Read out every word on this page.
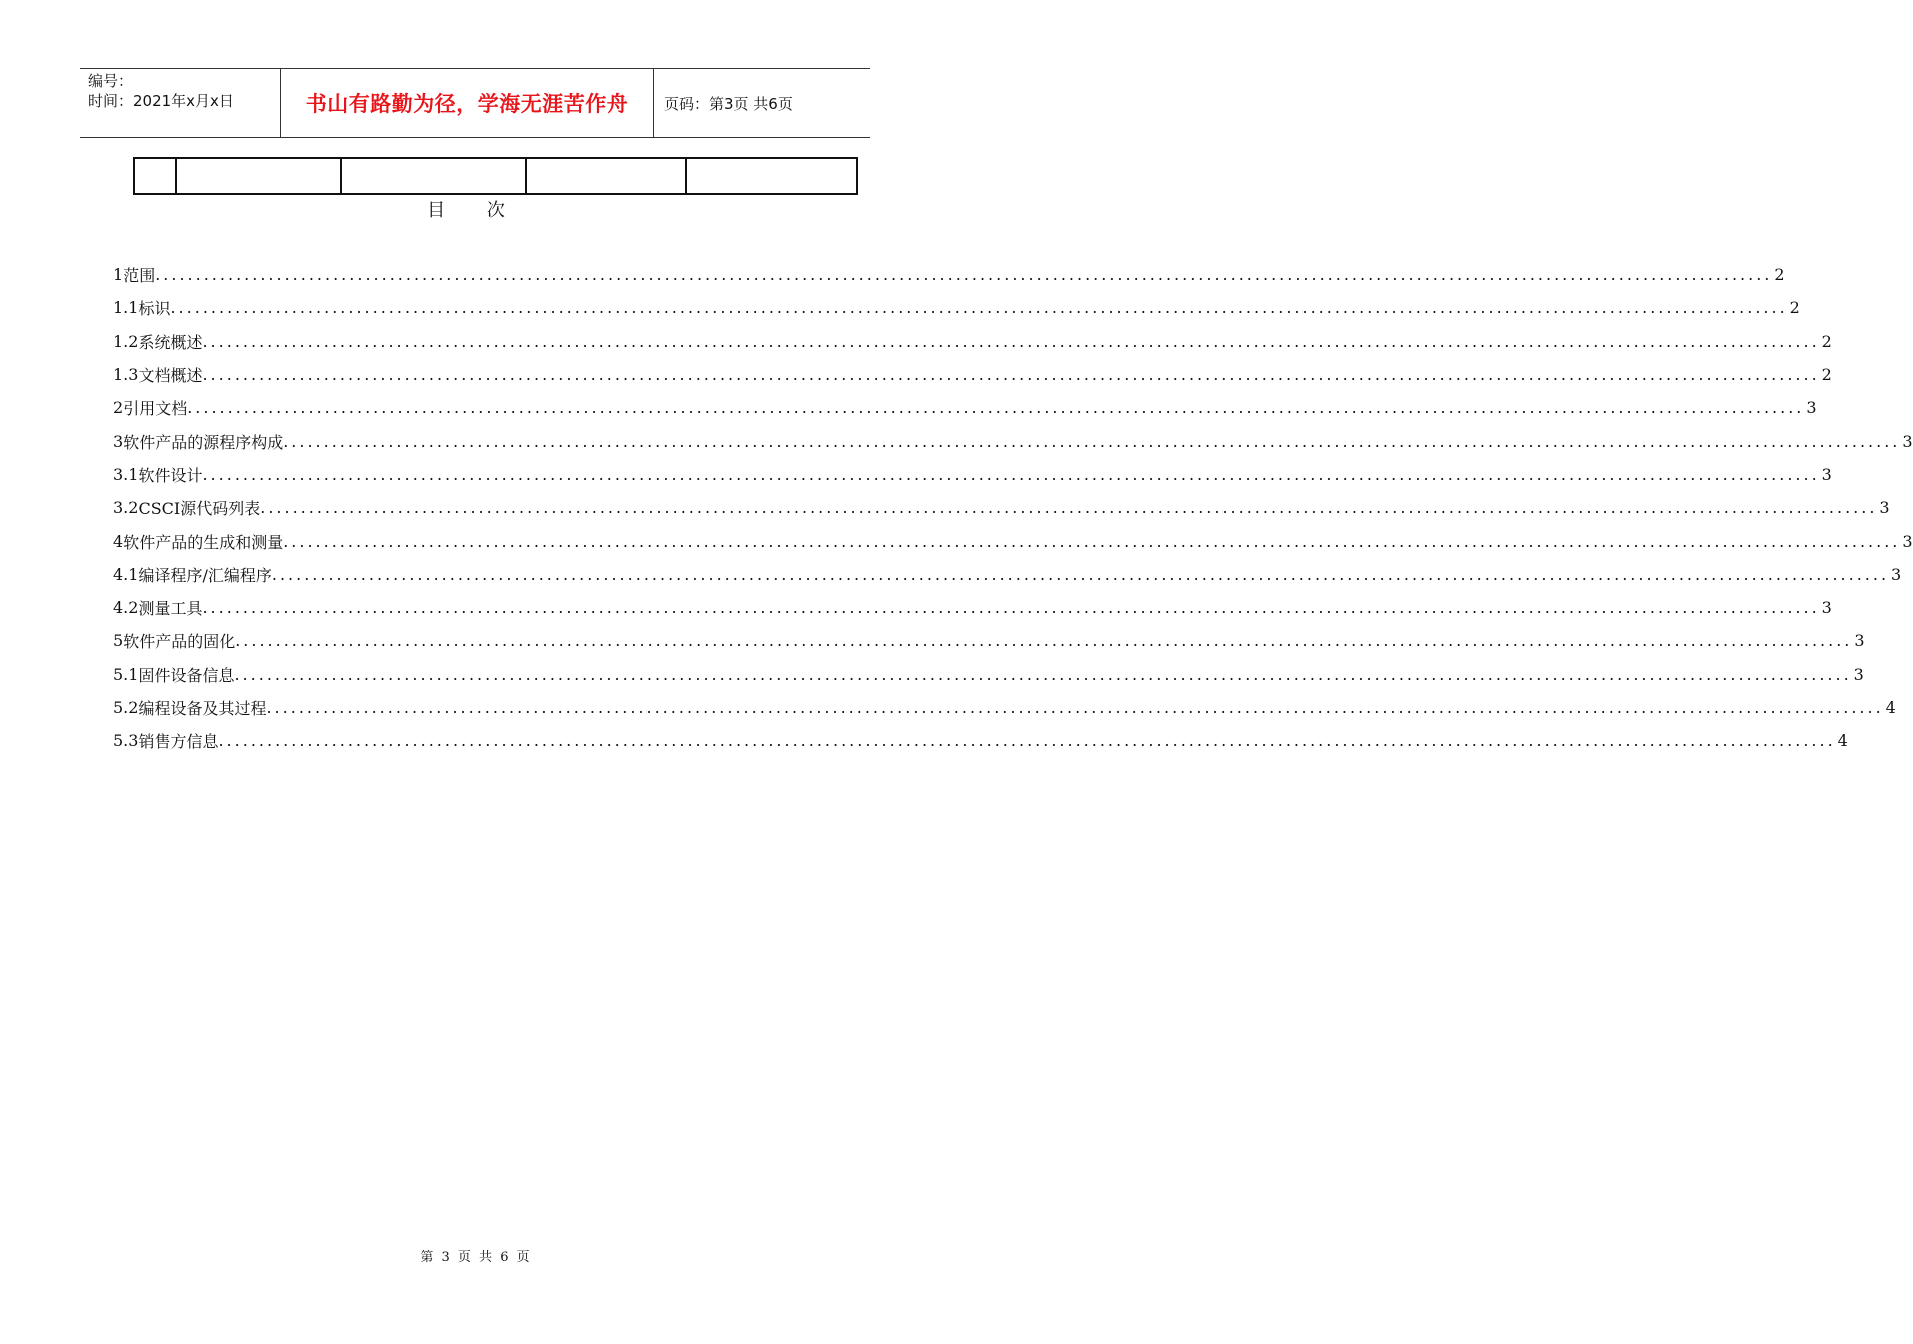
编号：
时间：2021年x月x日	书山有路勤为径，学海无涯苦作舟 页码：第3页 共6页
目 次
1 范围 ........................................................................................................................................................................................................ 2
1.1 标识 ........................................................................................................................................................................................................ 2
1.2 系统概述 ........................................................................................................................................................................................................ 2
1.3 文档概述 ........................................................................................................................................................................................................ 2
2 引用文档 ........................................................................................................................................................................................................ 3
3 软件产品的源程序构成 ........................................................................................................................................................................................................ 3
3.1 软件设计 ........................................................................................................................................................................................................ 3
3.2 CSCI源代码列表 ........................................................................................................................................................................................................ 3
4 软件产品的生成和测量 ........................................................................................................................................................................................................ 3
4.1 编译程序/汇编程序 ........................................................................................................................................................................................................ 3
4.2 测量工具 ........................................................................................................................................................................................................ 3
5 软件产品的固化 ........................................................................................................................................................................................................ 3
5.1 固件设备信息 ........................................................................................................................................................................................................ 3
5.2 编程设备及其过程 ........................................................................................................................................................................................................ 4
5.3 销售方信息 ........................................................................................................................................................................................................ 4
第 3 页 共 6 页
